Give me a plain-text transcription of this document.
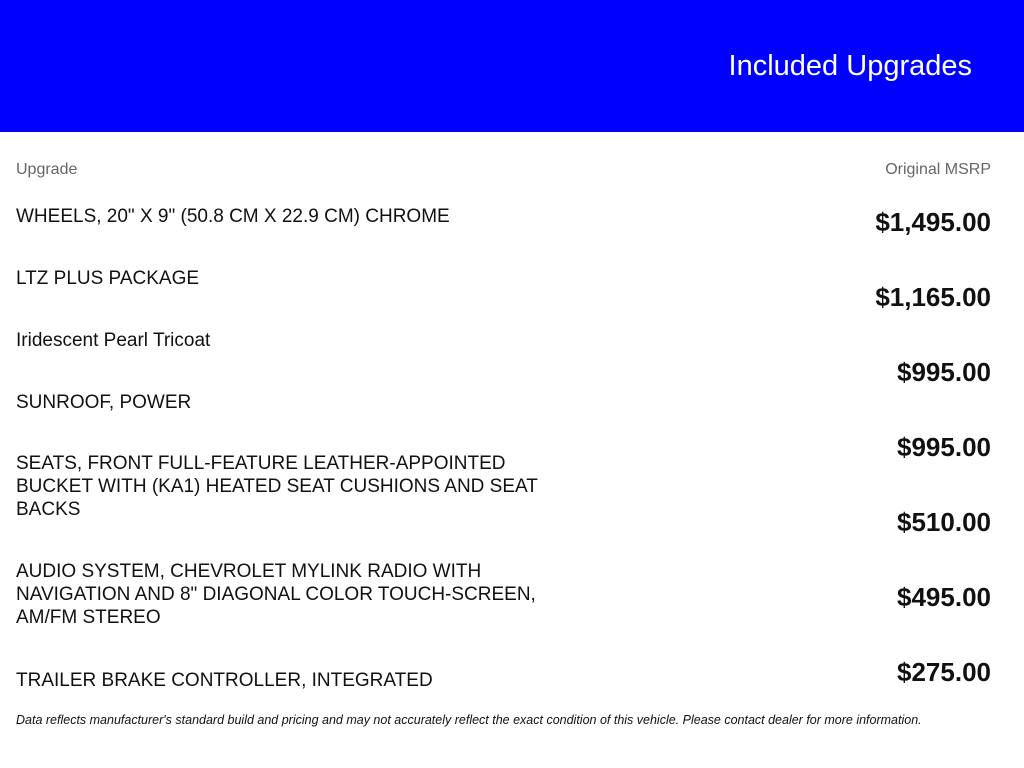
Included Upgrades
Upgrade	Original MSRP
WHEELS, 20" X 9" (50.8 CM X 22.9 CM) CHROME
LTZ PLUS PACKAGE
Iridescent Pearl Tricoat
SUNROOF, POWER
SEATS, FRONT FULL-FEATURE LEATHER-APPOINTED BUCKET WITH (KA1) HEATED SEAT CUSHIONS AND SEAT BACKS
AUDIO SYSTEM, CHEVROLET MYLINK RADIO WITH NAVIGATION AND 8" DIAGONAL COLOR TOUCH-SCREEN, AM/FM STEREO
TRAILER BRAKE CONTROLLER, INTEGRATED
$1,495.00
$1,165.00
$995.00
$995.00
$510.00
$495.00
$275.00
Data reflects manufacturer's standard build and pricing and may not accurately reflect the exact condition of this vehicle. Please contact dealer for more information.
